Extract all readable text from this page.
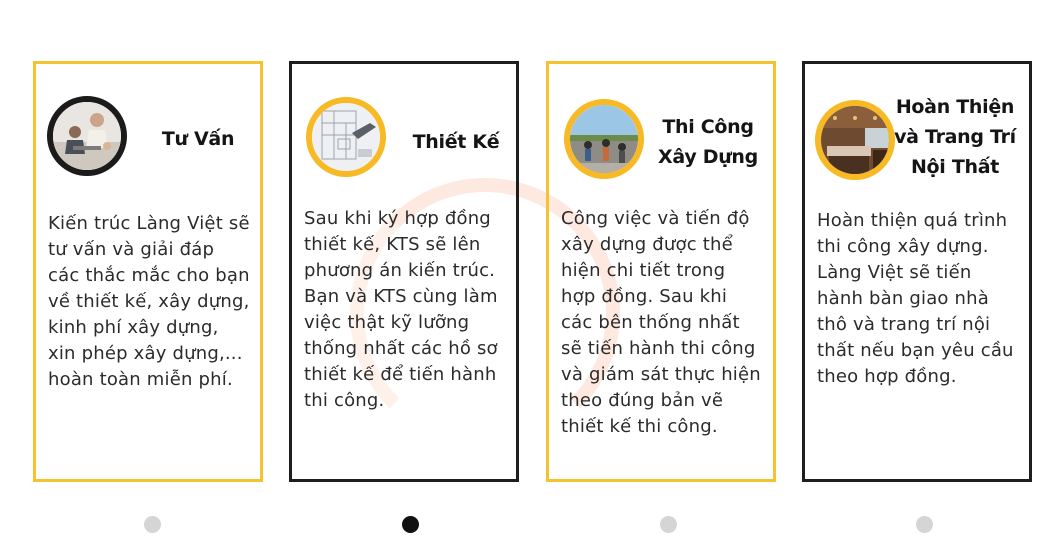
Tư Vấn
Kiến trúc Làng Việt sẽ tư vấn và giải đáp các thắc mắc cho bạn về thiết kế, xây dựng, kinh phí xây dựng, xin phép xây dựng,... hoàn toàn miễn phí.
Thiết Kế
Sau khi ký hợp đồng thiết kế, KTS sẽ lên phương án kiến trúc. Bạn và KTS cùng làm việc thật kỹ lưỡng thống nhất các hồ sơ thiết kế để tiến hành thi công.
Thi Công Xây Dựng
Công việc và tiến độ xây dựng được thể hiện chi tiết trong hợp đồng. Sau khi các bên thống nhất sẽ tiến hành thi công và giám sát thực hiện theo đúng bản vẽ thiết kế thi công.
Hoàn Thiện và Trang Trí Nội Thất
Hoàn thiện quá trình thi công xây dựng. Làng Việt sẽ tiến hành bàn giao nhà thô và trang trí nội thất nếu bạn yêu cầu theo hợp đồng.
